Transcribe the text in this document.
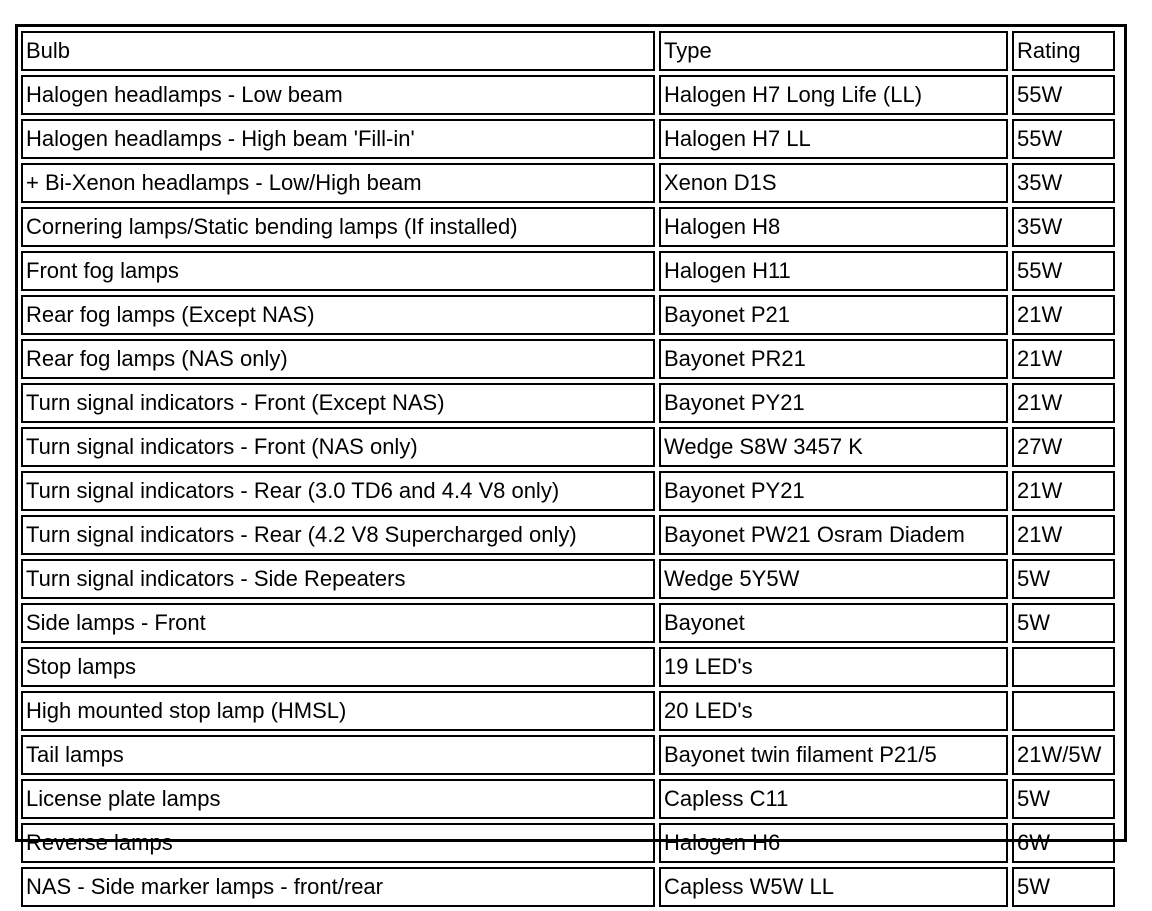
Bulb	Type	Rating
Halogen headlamps - Low beam	Halogen H7 Long Life (LL)	55W
Halogen headlamps - High beam 'Fill-in'	Halogen H7 LL	55W
+ Bi-Xenon headlamps - Low/High beam	Xenon D1S	35W
Cornering lamps/Static bending lamps (If installed)	Halogen H8	35W
Front fog lamps	Halogen H11	55W
Rear fog lamps (Except NAS)	Bayonet P21	21W
Rear fog lamps (NAS only)	Bayonet PR21	21W
Turn signal indicators - Front (Except NAS)	Bayonet PY21	21W
Turn signal indicators - Front (NAS only)	Wedge S8W 3457 K	27W
Turn signal indicators - Rear (3.0 TD6 and 4.4 V8 only)	Bayonet PY21	21W
Turn signal indicators - Rear (4.2 V8 Supercharged only)	Bayonet PW21 Osram Diadem	21W
Turn signal indicators - Side Repeaters	Wedge 5Y5W	5W
Side lamps - Front	Bayonet	5W
Stop lamps	19 LED's	
High mounted stop lamp (HMSL)	20 LED's	
Tail lamps	Bayonet twin filament P21/5	21W/5W
License plate lamps	Capless C11	5W
Reverse lamps	Halogen H6	6W
NAS - Side marker lamps - front/rear	Capless W5W LL	5W
